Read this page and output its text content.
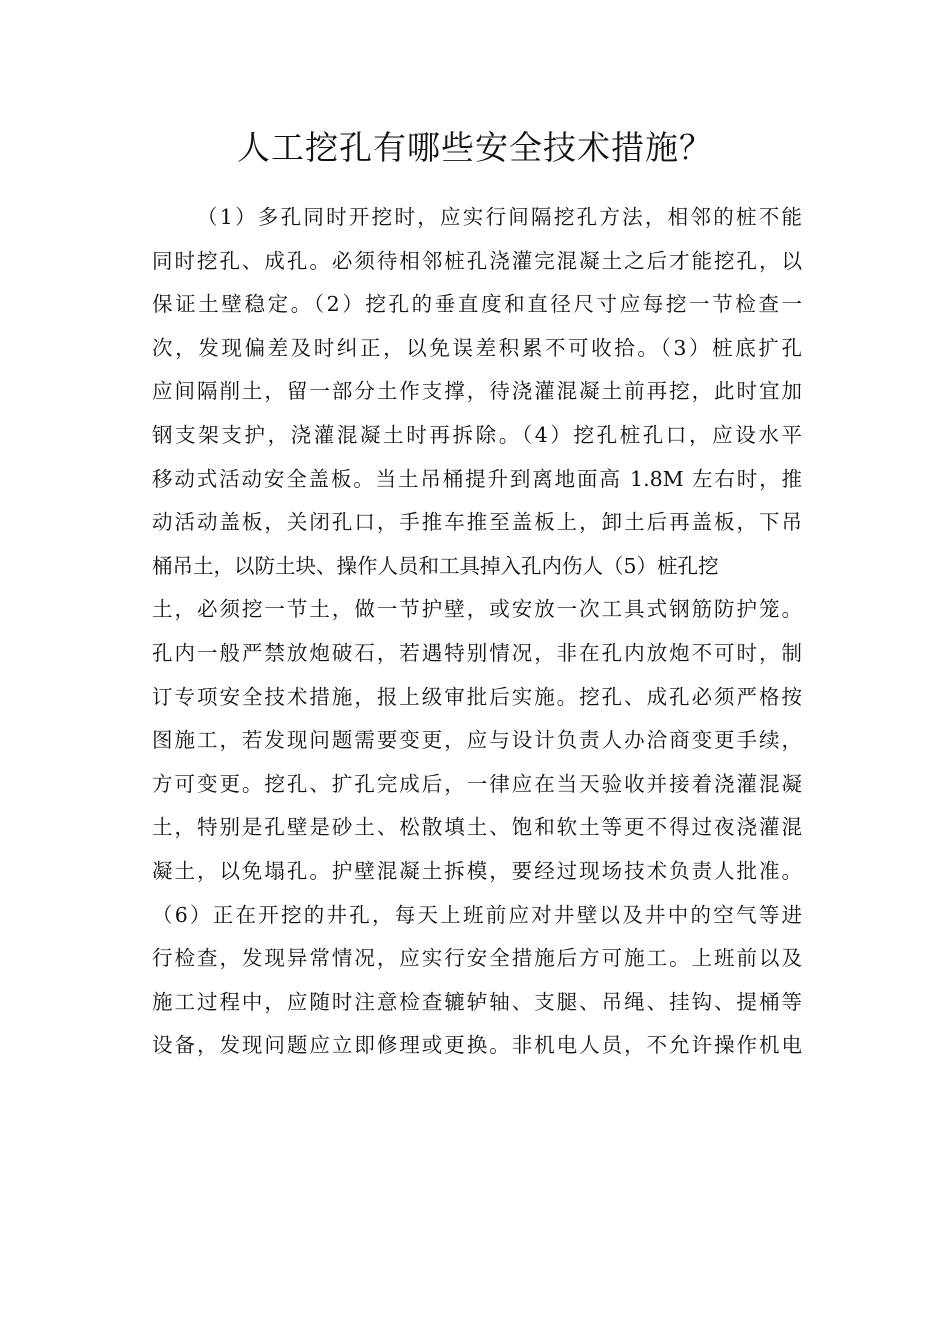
人工挖孔有哪些安全技术措施？
（1）多孔同时开挖时，应实行间隔挖孔方法，相邻的桩不能
同时挖孔、成孔。必须待相邻桩孔浇灌完混凝土之后才能挖孔，以
保证土壁稳定。（2）挖孔的垂直度和直径尺寸应每挖一节检查一
次，发现偏差及时纠正，以免误差积累不可收拾。（3）桩底扩孔
应间隔削土，留一部分土作支撑，待浇灌混凝土前再挖，此时宜加
钢支架支护，浇灌混凝土时再拆除。（4）挖孔桩孔口，应设水平
移动式活动安全盖板。当土吊桶提升到离地面高 1.8M 左右时，推
动活动盖板，关闭孔口，手推车推至盖板上，卸土后再盖板，下吊
桶吊土，以防土块、操作人员和工具掉入孔内伤人（5）桩孔挖
土，必须挖一节土，做一节护壁，或安放一次工具式钢筋防护笼。
孔内一般严禁放炮破石，若遇特别情况，非在孔内放炮不可时，制
订专项安全技术措施，报上级审批后实施。挖孔、成孔必须严格按
图施工，若发现问题需要变更，应与设计负责人办洽商变更手续，
方可变更。挖孔、扩孔完成后，一律应在当天验收并接着浇灌混凝
土，特别是孔壁是砂土、松散填土、饱和软土等更不得过夜浇灌混
凝土，以免塌孔。护壁混凝土拆模，要经过现场技术负责人批准。
（6）正在开挖的井孔，每天上班前应对井壁以及井中的空气等进
行检查，发现异常情况，应实行安全措施后方可施工。上班前以及
施工过程中，应随时注意检查辘轳轴、支腿、吊绳、挂钩、提桶等
设备，发现问题应立即修理或更换。非机电人员，不允许操作机电
